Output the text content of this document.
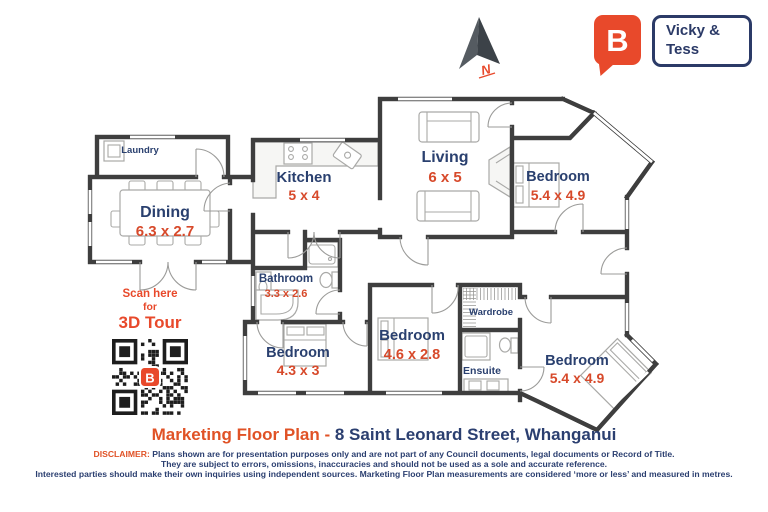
B Vicky &
Tess
N
Laundry
Dining
6.3 x 2.7
Kitchen
5 x 4
Living
6 x 5	Bedroom
5.4 x 4.9
Bathroom
3.3 x 2.6
Bedroom
4.3 x 3
Bedroom
4.6 x 2.8
Wardrobe
Ensuite
Bedroom
5.4 x 4.9
Scan here
for
3D Tour
B
Marketing Floor Plan - 8 Saint Leonard Street, Whanganui
DISCLAIMER: Plans shown are for presentation purposes only and are not part of any Council documents, legal documents or Record of Title.
They are subject to errors, omissions, inaccuracies and should not be used as a sole and accurate reference.
Interested parties should make their own inquiries using independent sources. Marketing Floor Plan measurements are considered ‘more or less’ and measured in metres.
